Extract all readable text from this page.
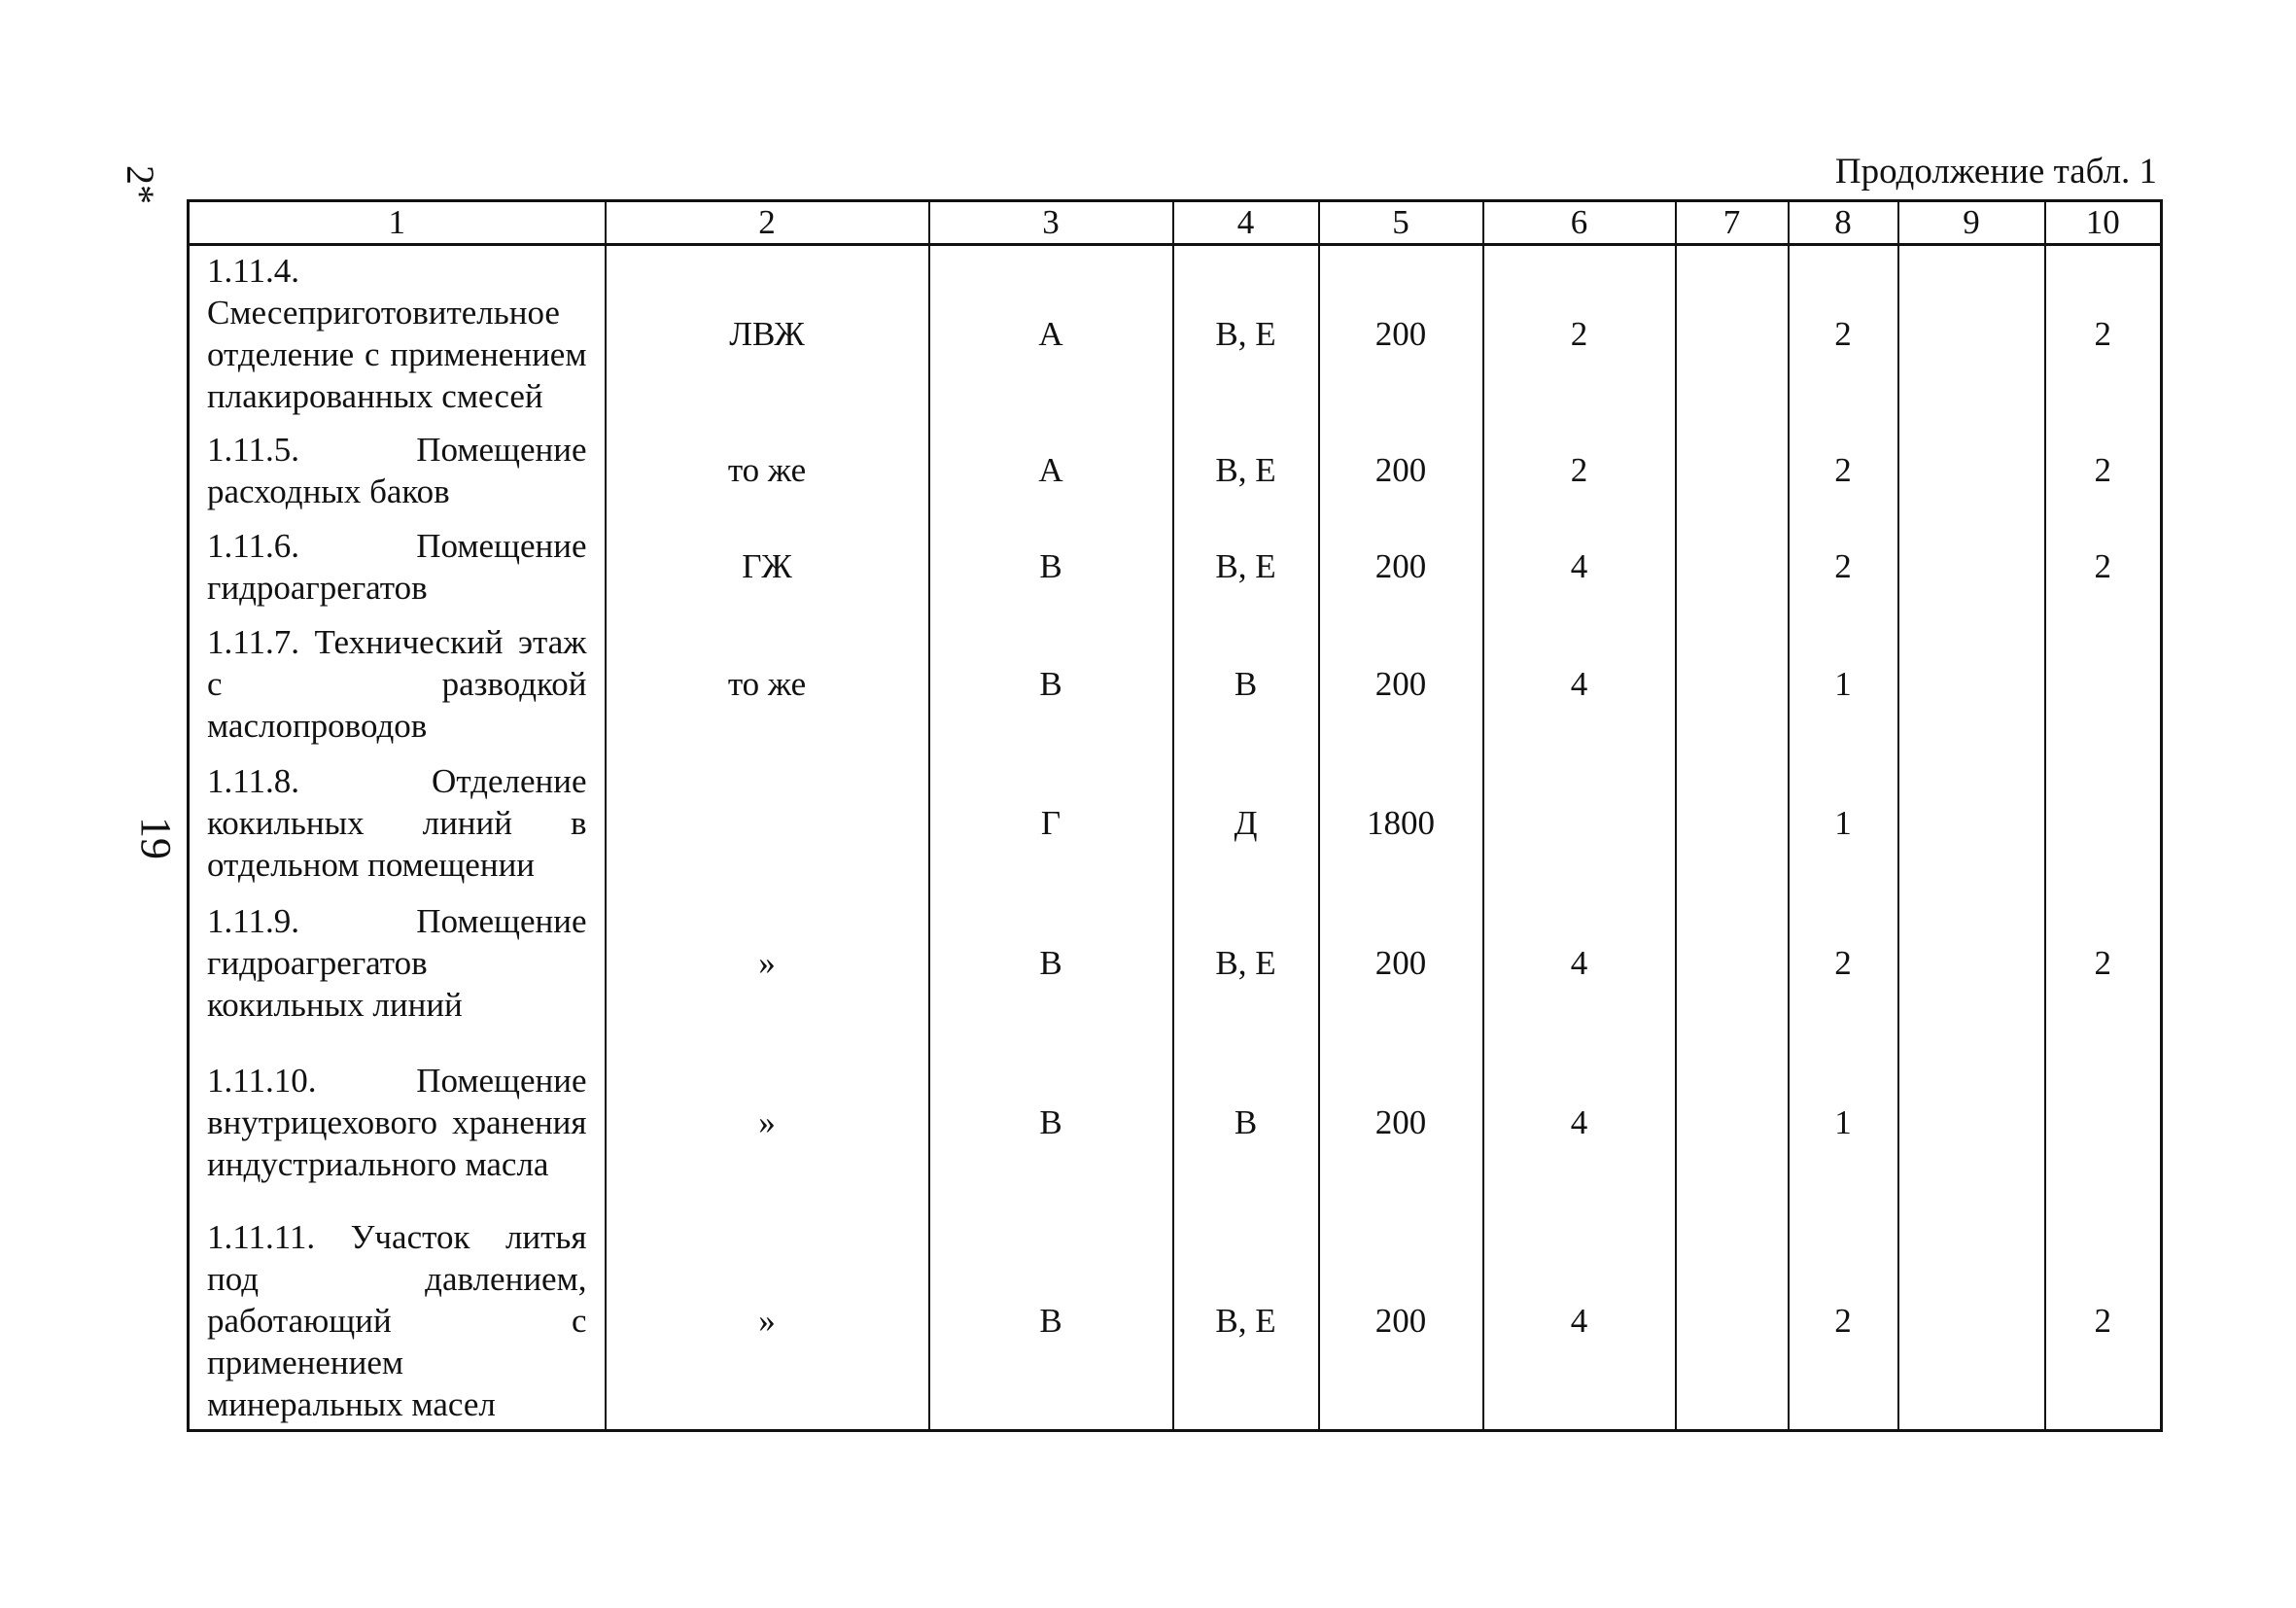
2*
19
Продолжение табл. 1
1	2	3	4	5	6	7	8	9	10
1.11.4. Смесеприготовительное отделение с применением плакированных смесей	ЛВЖ	А	В, Е	200	2		2		2
1.11.5. Помещение расходных баков	то же	А	В, Е	200	2		2		2
1.11.6. Помещение гидроагрегатов	ГЖ	В	В, Е	200	4		2		2
1.11.7. Технический этаж с разводкой маслопроводов	то же	В	В	200	4		1		
1.11.8. Отделение кокильных линий в отдельном помещении		Г	Д	1800			1		
1.11.9. Помещение гидроагрегатов кокильных линий	»	В	В, Е	200	4		2		2
1.11.10. Помещение внутрицехового хранения индустриального масла	»	В	В	200	4		1		
1.11.11. Участок литья под давлением, работающий с применением минеральных масел	»	В	В, Е	200	4		2		2
